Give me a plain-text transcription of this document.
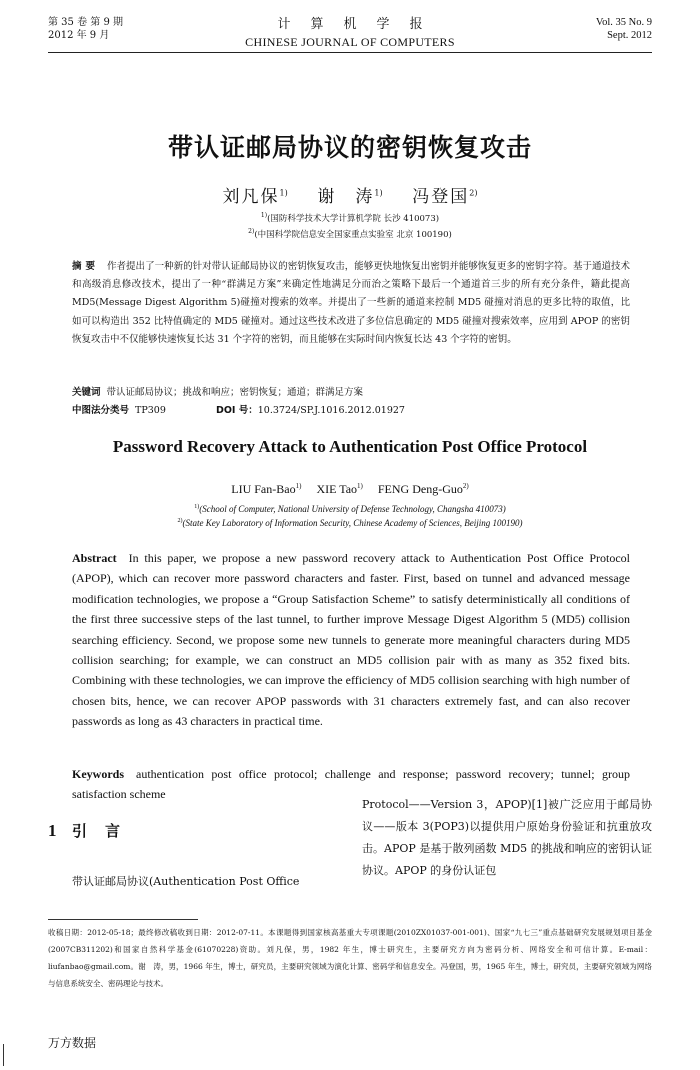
第 35 卷 第 9 期
2012 年 9 月
计算机学报
CHINESE JOURNAL OF COMPUTERS
Vol. 35 No. 9
Sept. 2012
带认证邮局协议的密钥恢复攻击
刘凡保$^{1)}$ 谢　涛$^{1)}$ 冯登国$^{2)}$
$^{1)}$(国防科学技术大学计算机学院 长沙 410073)
$^{2)}$(中国科学院信息安全国家重点实验室 北京 100190)
摘要 作者提出了一种新的针对带认证邮局协议的密钥恢复攻击，能够更快地恢复出密钥并能够恢复更多的密钥字符。基于通道技术和高级消息修改技术，提出了一种“群满足方案”来确定性地满足分而治之策略下最后一个通道首三步的所有充分条件，籍此提高 MD5(Message Digest Algorithm 5)碰撞对搜索的效率。并提出了一些新的通道来控制 MD5 碰撞对消息的更多比特的取值，比如可以构造出 352 比特值确定的 MD5 碰撞对。通过这些技术改进了多位信息确定的 MD5 碰撞对搜索效率，应用到 APOP 的密钥恢复攻击中不仅能够快速恢复长达 31 个字符的密钥，而且能够在实际时间内恢复长达 43 个字符的密钥。
关键词 带认证邮局协议；挑战和响应；密钥恢复；通道；群满足方案
中图法分类号 TP309	DOI 号：10.3724/SP.J.1016.2012.01927
Password Recovery Attack to Authentication Post Office Protocol
LIU Fan-Bao$^{1)}$ XIE Tao$^{1)}$ FENG Deng-Guo$^{2)}$
$^{1)}$(School of Computer, National University of Defense Technology, Changsha 410073)
$^{2)}$(State Key Laboratory of Information Security, Chinese Academy of Sciences, Beijing 100190)
Abstract In this paper, we propose a new password recovery attack to Authentication Post Office Protocol (APOP), which can recover more password characters and faster. First, based on tunnel and advanced message modification technologies, we propose a “Group Satisfaction Scheme” to satisfy deterministically all conditions of the first three successive steps of the last tunnel, to further improve Message Digest Algorithm 5 (MD5) collision searching efficiency. Second, we propose some new tunnels to generate more meaningful characters during MD5 collision searching; for example, we can construct an MD5 collision pair with as many as 352 fixed bits. Combining with these technologies, we can improve the efficiency of MD5 collision searching with high number of chosen bits, hence, we can recover APOP passwords with 31 characters extremely fast, and can also recover passwords as long as 43 characters in practical time.
Keywords authentication post office protocol; challenge and response; password recovery; tunnel; group satisfaction scheme
1 引言
带认证邮局协议(Authentication Post Office
Protocol——Version 3，APOP)[1]被广泛应用于邮局协议——版本 3(POP3)以提供用户原始身份验证和抗重放攻击。APOP 是基于散列函数 MD5 的挑战和响应的密钥认证协议。APOP 的身份认证包
收稿日期：2012-05-18；最终修改稿收到日期：2012-07-11。本课题得到国家核高基重大专项课题(2010ZX01037-001-001)、国家“九七三”重点基础研究发展规划项目基金(2007CB311202)和国家自然科学基金(61070228)资助。刘凡保，男，1982 年生，博士研究生，主要研究方向为密码分析、网络安全和可信计算。E-mail：liufanbao@gmail.com。谢　涛，男，1966 年生，博士，研究员，主要研究领域为演化计算、密码学和信息安全。冯登国，男，1965 年生，博士，研究员，主要研究领域为网络与信息系统安全、密码理论与技术。
万方数据
